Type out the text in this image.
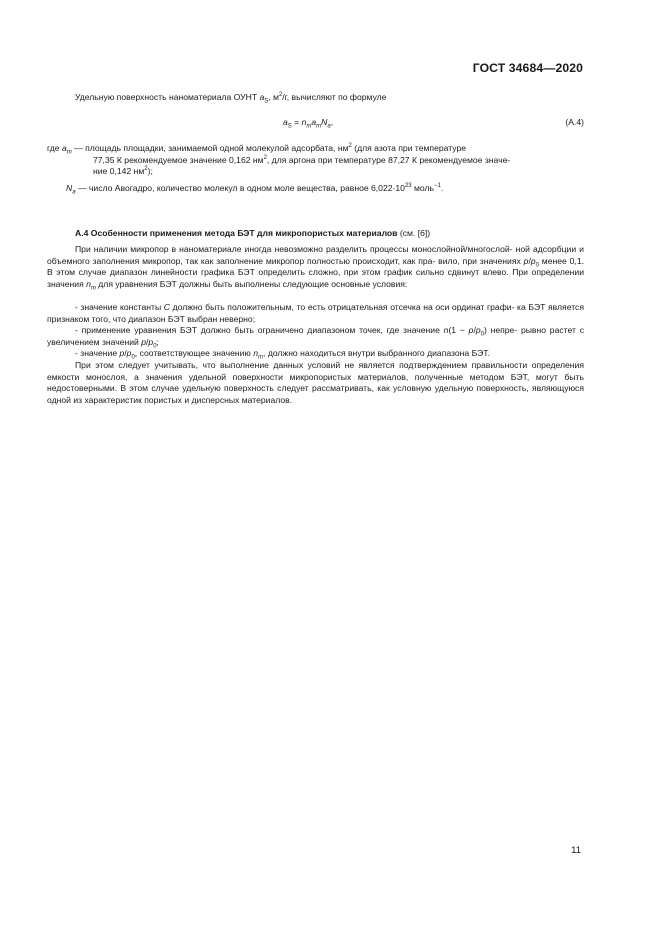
ГОСТ 34684—2020
Удельную поверхность наноматериала ОУНТ $a_S$, $м^2/г$, вычисляют по формуле
$a_S = n_ma_mN_a$,	(А.4)
где $a_m$ — площадь площадки, занимаемой одной молекулой адсорбата, $нм^2$ (для азота при температуре
77,35 К рекомендуемое значение 0,162 $нм^2$, для аргона при температуре 87,27 К рекомендуемое значе-
ние 0,142 $нм^2$);
$N_a$ — число Авогадро, количество молекул в одном моле вещества, равное $6,022\cdot 10^{23}$ моль$^{-1}$.
А.4 Особенности применения метода БЭТ для микропористых материалов (см. [6])
При наличии микропор в наноматериале иногда невозможно разделить процессы монослойной/многослой- ной адсорбции и объемного заполнения микропор, так как заполнение микропор полностью происходит, как пра- вило, при значениях $p/p_0$ менее 0,1. В этом случае диапазон линейности графика БЭТ определить сложно, при этом график сильно сдвинут влево. При определении значения $n_m$ для уравнения БЭТ должны быть выполнены следующие основные условия:
- значение константы C должно быть положительным, то есть отрицательная отсечка на оси ординат графи- ка БЭТ является признаком того, что диапазон БЭТ выбран неверно;
- применение уравнения БЭТ должно быть ограничено диапазоном точек, где значение $n(1 - p/p_0)$ непре- рывно растет с увеличением значений $p/p_0$;
- значение $p/p_0$, соответствующее значению $n_m$, должно находиться внутри выбранного диапазона БЭТ.
При этом следует учитывать, что выполнение данных условий не является подтверждением правильности определения емкости монослоя, а значения удельной поверхности микропористых материалов, полученные методом БЭТ, могут быть недостоверными. В этом случае удельную поверхность следует рассматривать, как условную удельную поверхность, являющуюся одной из характеристик пористых и дисперсных материалов.
11
